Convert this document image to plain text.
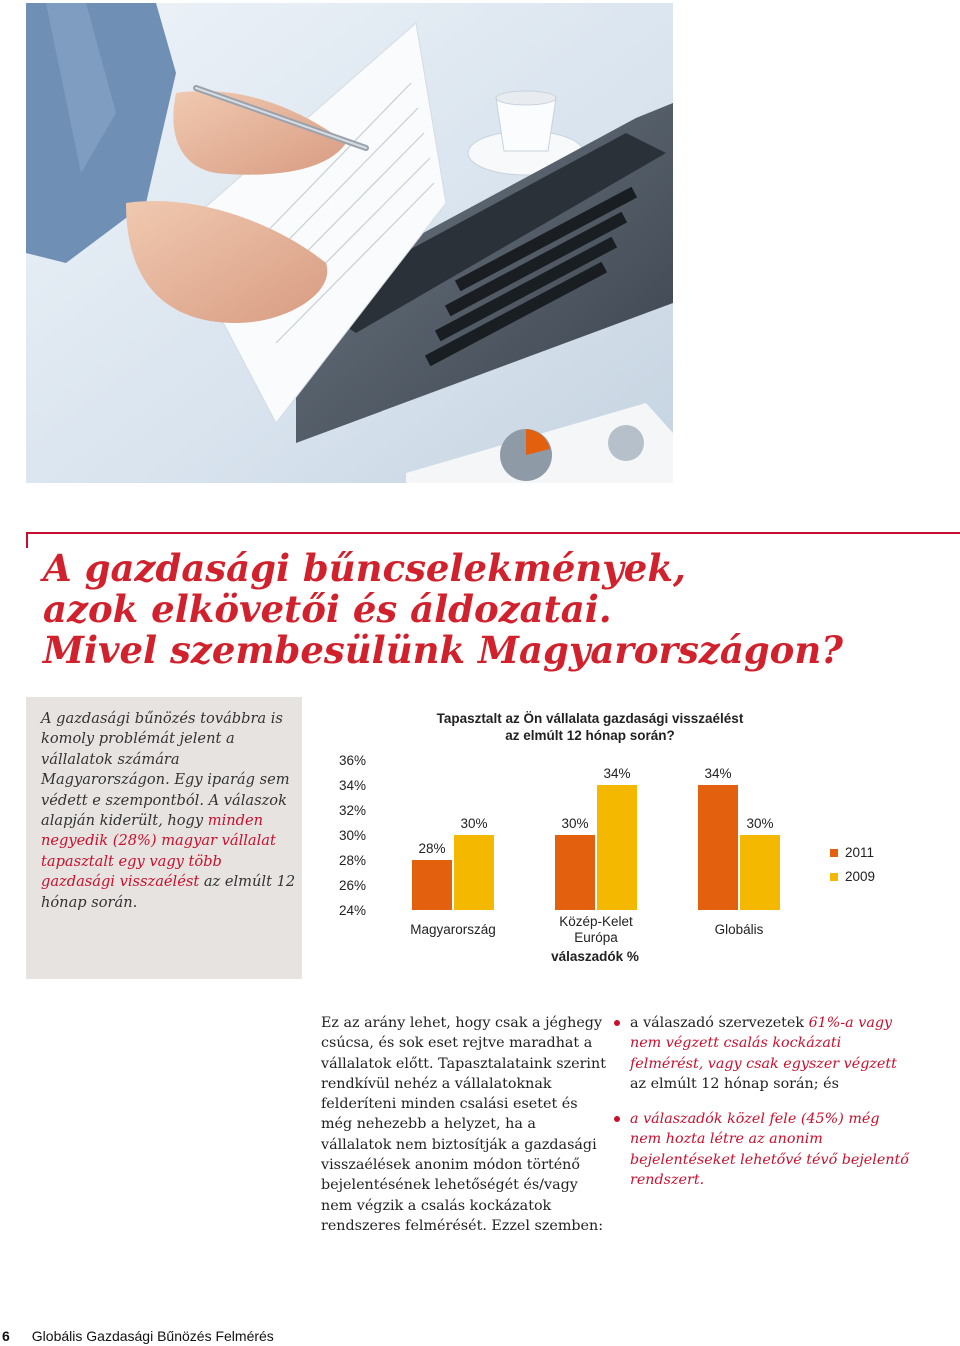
A gazdasági bűncselekmények,
azok elkövetői és áldozatai.
Mivel szembesülünk Magyarországon?
A gazdasági bűnözés továbbra is komoly problémát jelent a vállalatok számára Magyarországon. Egy iparág sem védett e szempontból. A válaszok alapján kiderült, hogy minden negyedik (28%) magyar vállalat tapasztalt egy vagy több gazdasági visszaélést az elmúlt 12 hónap során.
Tapasztalt az Ön vállalata gazdasági visszaélést
az elmúlt 12 hónap során?
36%
34%
32%
30%
28%
26%
24%
28%
30%
34%
30%
34%
30%
Magyarország
Közép-Kelet
Európa
Globális
válaszadók %
2011
2009
Ez az arány lehet, hogy csak a jéghegy csúcsa, és sok eset rejtve maradhat a vállalatok előtt. Tapasztalataink szerint rendkívül nehéz a vállalatoknak felderíteni minden csalási esetet és még nehezebb a helyzet, ha a vállalatok nem biztosítják a gazdasági visszaélések anonim módon történő bejelentésének lehetőségét és/vagy nem végzik a csalás kockázatok rendszeres felmérését. Ezzel szemben:
a válaszadó szervezetek 61%-a vagy nem végzett csalás kockázati felmérést, vagy csak egyszer végzett az elmúlt 12 hónap során; és
a válaszadók közel fele (45%) még nem hozta létre az anonim bejelentéseket lehetővé tévő bejelentő rendszert.
6 Globális Gazdasági Bűnözés Felmérés
